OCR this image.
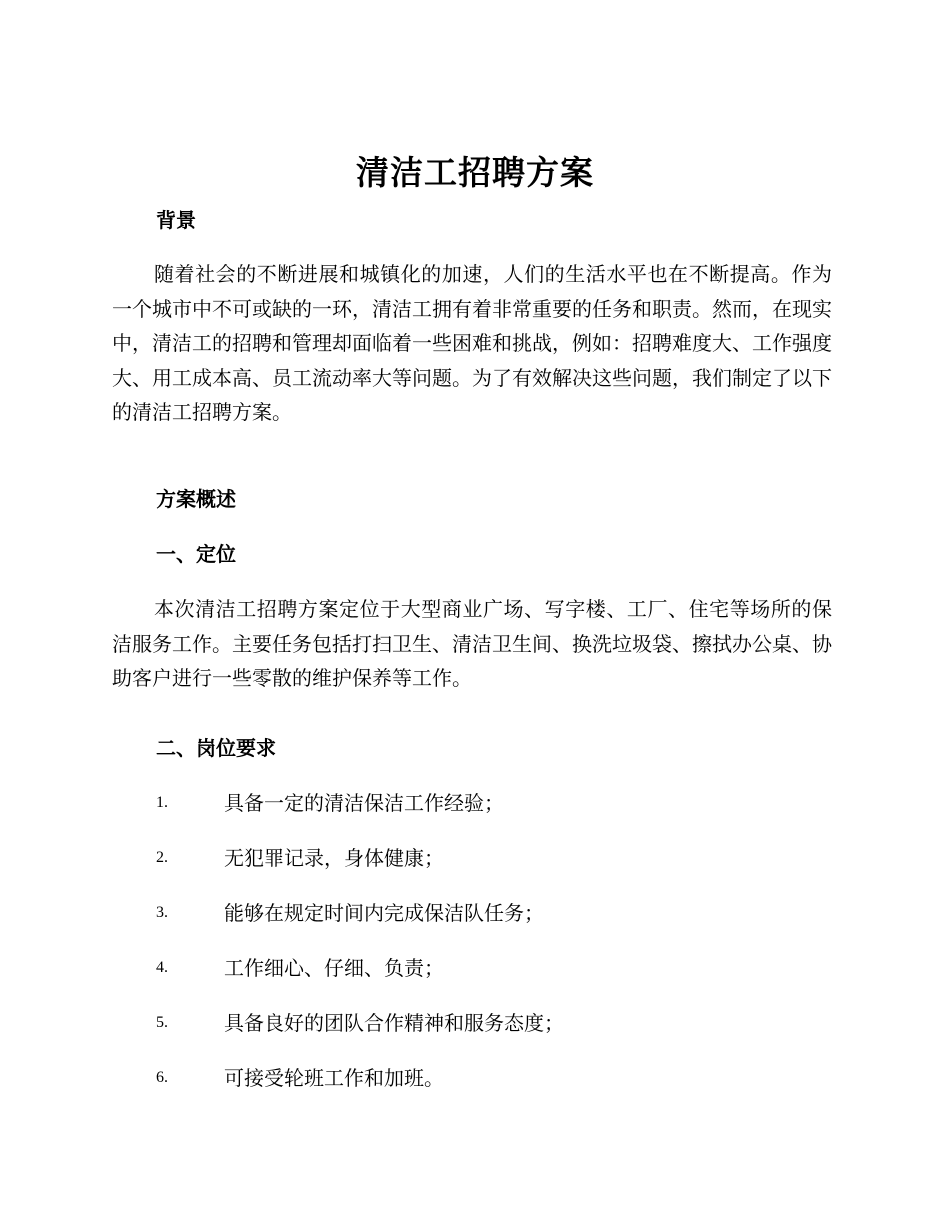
清洁工招聘方案
背景

随着社会的不断进展和城镇化的加速，人们的生活水平也在不断提高。作为一个城市中不可或缺的一环，清洁工拥有着非常重要的任务和职责。然而，在现实中，清洁工的招聘和管理却面临着一些困难和挑战，例如：招聘难度大、工作强度大、用工成本高、员工流动率大等问题。为了有效解决这些问题，我们制定了以下的清洁工招聘方案。

方案概述
一、定位

本次清洁工招聘方案定位于大型商业广场、写字楼、工厂、住宅等场所的保洁服务工作。主要任务包括打扫卫生、清洁卫生间、换洗垃圾袋、擦拭办公桌、协助客户进行一些零散的维护保养等工作。

二、岗位要求
1.	具备一定的清洁保洁工作经验；
2.	无犯罪记录，身体健康；
3.	能够在规定时间内完成保洁队任务；
4.	工作细心、仔细、负责；
5.	具备良好的团队合作精神和服务态度；
6.	可接受轮班工作和加班。
